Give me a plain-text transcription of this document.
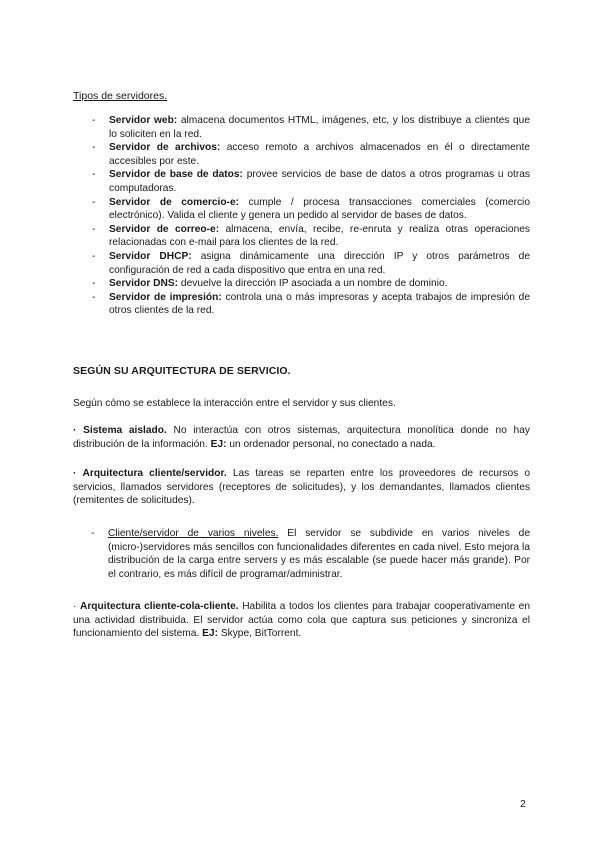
Tipos de servidores.
- Servidor web: almacena documentos HTML, imágenes, etc, y los distribuye a clientes que lo soliciten en la red.
- Servidor de archivos: acceso remoto a archivos almacenados en él o directamente accesibles por este.
- Servidor de base de datos: provee servicios de base de datos a otros programas u otras computadoras.
- Servidor de comercio-e: cumple / procesa transacciones comerciales (comercio electrónico). Valida el cliente y genera un pedido al servidor de bases de datos.
- Servidor de correo-e: almacena, envía, recibe, re-enruta y realiza otras operaciones relacionadas con e-mail para los clientes de la red.
- Servidor DHCP: asigna dinámicamente una dirección IP y otros parámetros de configuración de red a cada dispositivo que entra en una red.
- Servidor DNS: devuelve la dirección IP asociada a un nombre de dominio.
- Servidor de impresión: controla una o más impresoras y acepta trabajos de impresión de otros clientes de la red.
SEGÚN SU ARQUITECTURA DE SERVICIO.

Según cómo se establece la interacción entre el servidor y sus clientes.

· Sistema aislado. No interactúa con otros sistemas, arquitectura monolítica donde no hay distribución de la información. EJ: un ordenador personal, no conectado a nada.

· Arquitectura cliente/servidor. Las tareas se reparten entre los proveedores de recursos o servicios, llamados servidores (receptores de solicitudes), y los demandantes, llamados clientes (remitentes de solicitudes).

- Cliente/servidor de varios niveles. El servidor se subdivide en varios niveles de (micro-)servidores más sencillos con funcionalidades diferentes en cada nivel. Esto mejora la distribución de la carga entre servers y es más escalable (se puede hacer más grande). Por el contrario, es más difícil de programar/administrar.

· Arquitectura cliente-cola-cliente. Habilita a todos los clientes para trabajar cooperativamente en una actividad distribuida. El servidor actúa como cola que captura sus peticiones y sincroniza el funcionamiento del sistema. EJ: Skype, BitTorrent.

2
